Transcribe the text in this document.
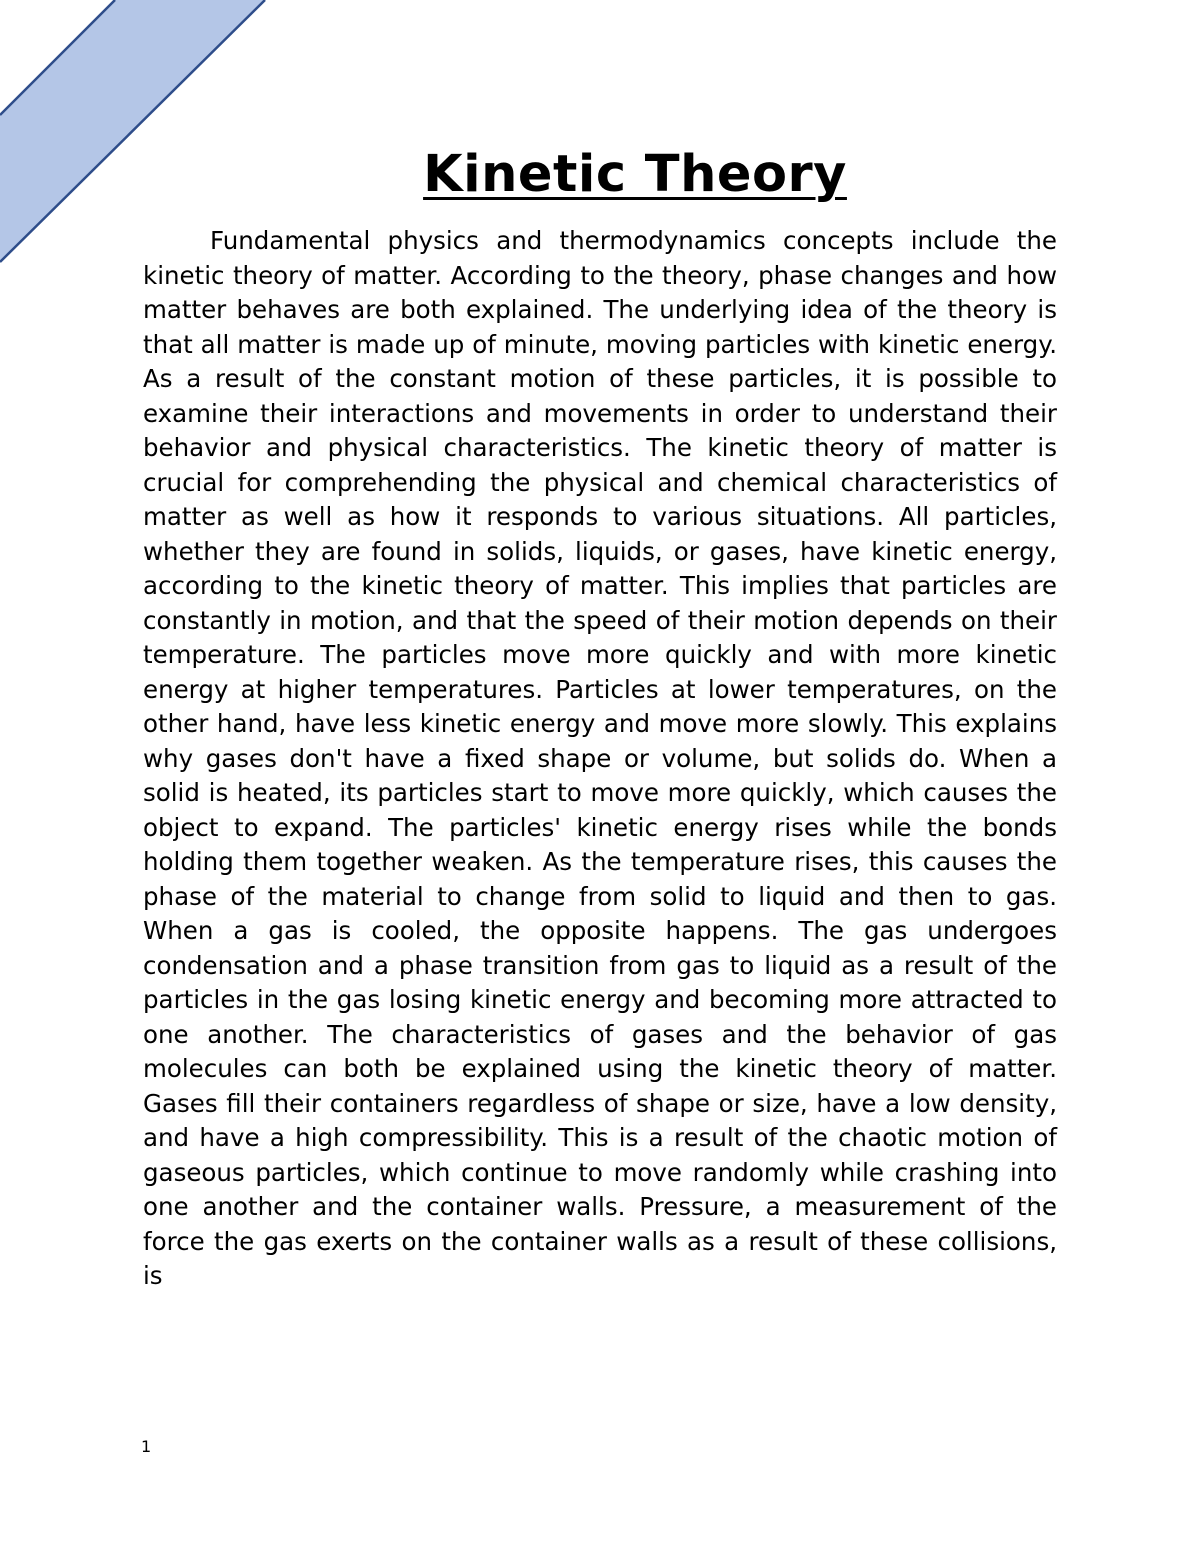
Kinetic Theory

Fundamental physics and thermodynamics concepts include the kinetic theory of matter. According to the theory, phase changes and how matter behaves are both explained. The underlying idea of the theory is that all matter is made up of minute, moving particles with kinetic energy. As a result of the constant motion of these particles, it is possible to examine their interactions and movements in order to understand their behavior and physical characteristics. The kinetic theory of matter is crucial for comprehending the physical and chemical characteristics of matter as well as how it responds to various situations. All particles, whether they are found in solids, liquids, or gases, have kinetic energy, according to the kinetic theory of matter. This implies that particles are constantly in motion, and that the speed of their motion depends on their temperature. The particles move more quickly and with more kinetic energy at higher temperatures. Particles at lower temperatures, on the other hand, have less kinetic energy and move more slowly. This explains why gases don't have a fixed shape or volume, but solids do. When a solid is heated, its particles start to move more quickly, which causes the object to expand. The particles' kinetic energy rises while the bonds holding them together weaken. As the temperature rises, this causes the phase of the material to change from solid to liquid and then to gas. When a gas is cooled, the opposite happens. The gas undergoes condensation and a phase transition from gas to liquid as a result of the particles in the gas losing kinetic energy and becoming more attracted to one another. The characteristics of gases and the behavior of gas molecules can both be explained using the kinetic theory of matter. Gases fill their containers regardless of shape or size, have a low density, and have a high compressibility. This is a result of the chaotic motion of gaseous particles, which continue to move randomly while crashing into one another and the container walls. Pressure, a measurement of the force the gas exerts on the container walls as a result of these collisions, is

1
